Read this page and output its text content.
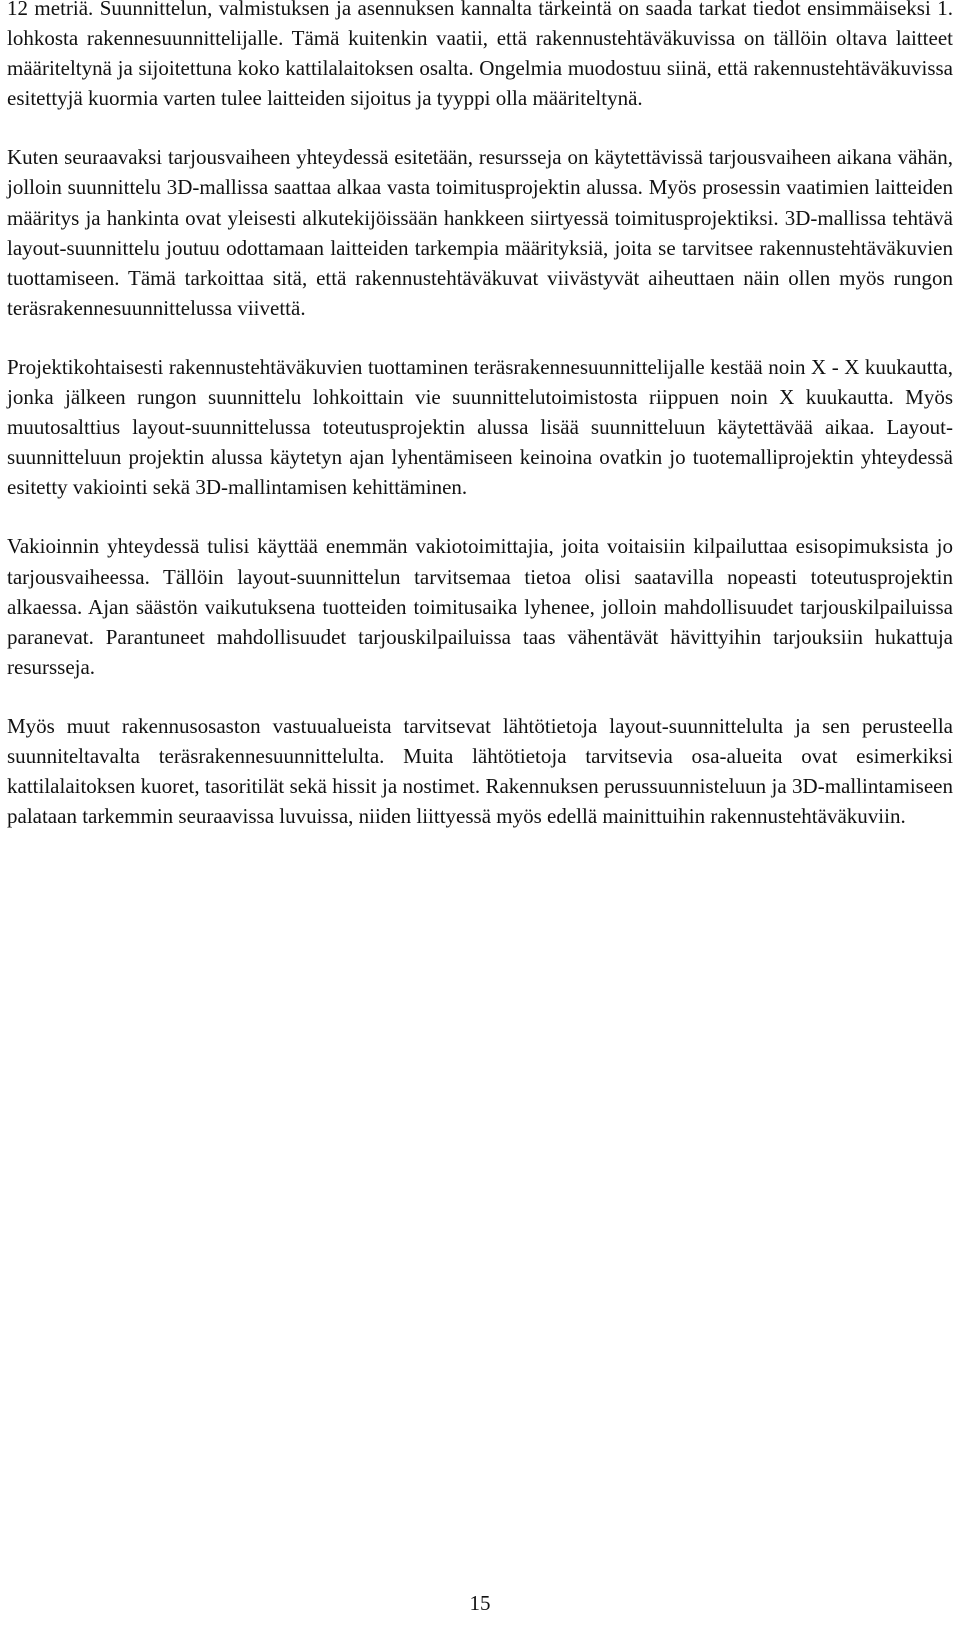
12 metriä. Suunnittelun, valmistuksen ja asennuksen kannalta tärkeintä on saada tarkat tiedot ensimmäiseksi 1. lohkosta rakennesuunnittelijalle. Tämä kuitenkin vaatii, että rakennustehtäväkuvissa on tällöin oltava laitteet määriteltynä ja sijoitettuna koko kattilalaitoksen osalta. Ongelmia muodostuu siinä, että rakennustehtäväkuvissa esitettyjä kuormia varten tulee laitteiden sijoitus ja tyyppi olla määriteltynä.

Kuten seuraavaksi tarjousvaiheen yhteydessä esitetään, resursseja on käytettävissä tarjousvaiheen aikana vähän, jolloin suunnittelu 3D-mallissa saattaa alkaa vasta toimitusprojektin alussa. Myös prosessin vaatimien laitteiden määritys ja hankinta ovat yleisesti alkutekijöissään hankkeen siirtyessä toimitusprojektiksi. 3D-mallissa tehtävä layout-suunnittelu joutuu odottamaan laitteiden tarkempia määrityksiä, joita se tarvitsee rakennustehtäväkuvien tuottamiseen. Tämä tarkoittaa sitä, että rakennustehtäväkuvat viivästyvät aiheuttaen näin ollen myös rungon teräsrakennesuunnittelussa viivettä.

Projektikohtaisesti rakennustehtäväkuvien tuottaminen teräsrakennesuunnittelijalle kestää noin X - X kuukautta, jonka jälkeen rungon suunnittelu lohkoittain vie suunnittelutoimistosta riippuen noin X kuukautta. Myös muutosalttius layout-suunnittelussa toteutusprojektin alussa lisää suunnitteluun käytettävää aikaa. Layout-suunnitteluun projektin alussa käytetyn ajan lyhentämiseen keinoina ovatkin jo tuotemalliprojektin yhteydessä esitetty vakiointi sekä 3D-mallintamisen kehittäminen.

Vakioinnin yhteydessä tulisi käyttää enemmän vakiotoimittajia, joita voitaisiin kilpailuttaa esisopimuksista jo tarjousvaiheessa. Tällöin layout-suunnittelun tarvitsemaa tietoa olisi saatavilla nopeasti toteutusprojektin alkaessa. Ajan säästön vaikutuksena tuotteiden toimitusaika lyhenee, jolloin mahdollisuudet tarjouskilpailuissa paranevat. Parantuneet mahdollisuudet tarjouskilpailuissa taas vähentävät hävittyihin tarjouksiin hukattuja resursseja.

Myös muut rakennusosaston vastuualueista tarvitsevat lähtötietoja layout-suunnittelulta ja sen perusteella suunniteltavalta teräsrakennesuunnittelulta. Muita lähtötietoja tarvitsevia osa-alueita ovat esimerkiksi kattilalaitoksen kuoret, tasoritilät sekä hissit ja nostimet. Rakennuksen perussuunnisteluun ja 3D-mallintamiseen palataan tarkemmin seuraavissa luvuissa, niiden liittyessä myös edellä mainittuihin rakennustehtäväkuviin.

15
